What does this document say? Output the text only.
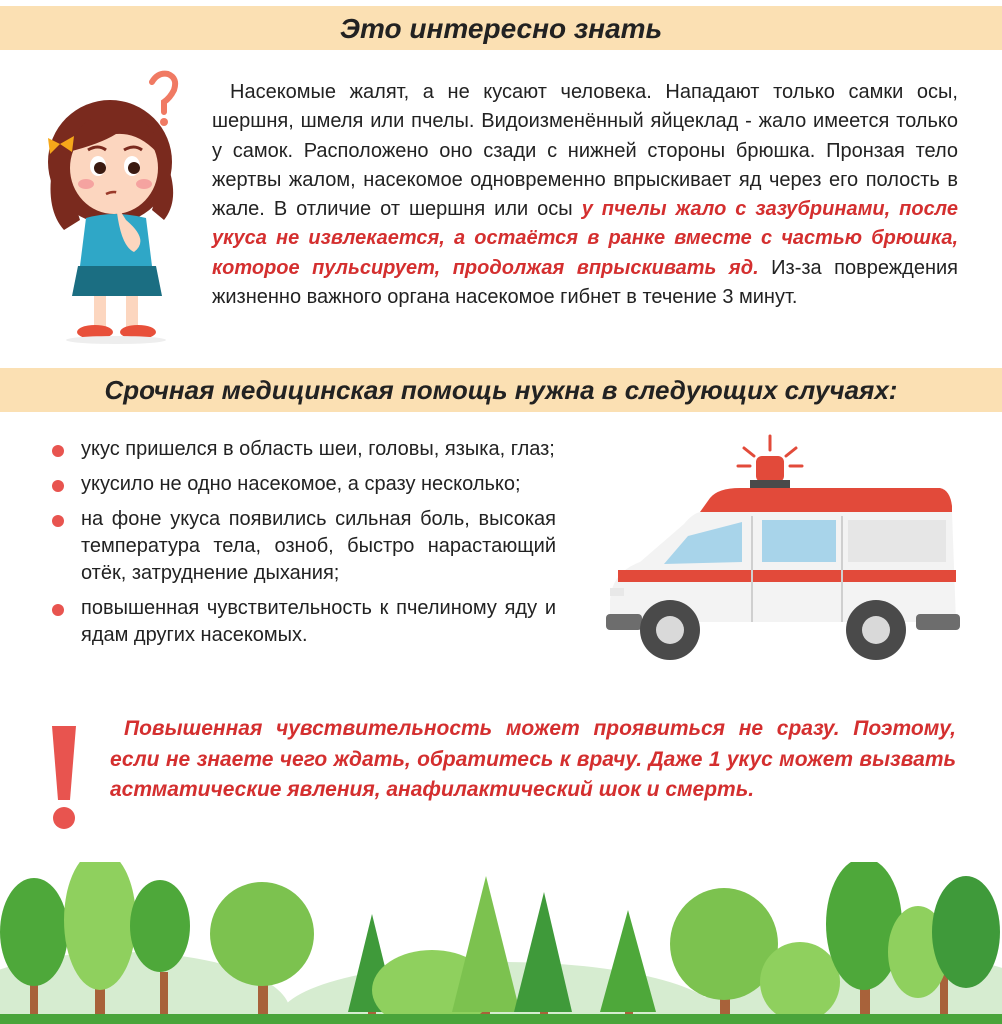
Это интересно знать

Насекомые жалят, а не кусают человека. Нападают только самки осы, шершня, шмеля или пчелы. Видоизменённый яйцеклад - жало имеется только у самок. Расположено оно сзади с нижней стороны брюшка. Пронзая тело жертвы жалом, насекомое одновременно впрыскивает яд через его полость в жале. В отличие от шершня или осы у пчелы жало с зазубринами, после укуса не извлекается, а остаётся в ранке вместе с частью брюшка, которое пульсирует, продолжая впрыскивать яд. Из-за повреждения жизненно важного органа насекомое гибнет в течение 3 минут.

Срочная медицинская помощь нужна в следующих случаях:
укус пришелся в область шеи, головы, языка, глаз;
укусило не одно насекомое, а сразу несколько;
на фоне укуса появились сильная боль, высокая температура тела, озноб, быстро нарастающий отёк, затруднение дыхания;
повышенная чувствительность к пчелиному яду и ядам других насекомых.

Повышенная чувствительность может проявиться не сразу. Поэтому, если не знаете чего ждать, обратитесь к врачу. Даже 1 укус может вызвать астматические явления, анафилактический шок и смерть.
